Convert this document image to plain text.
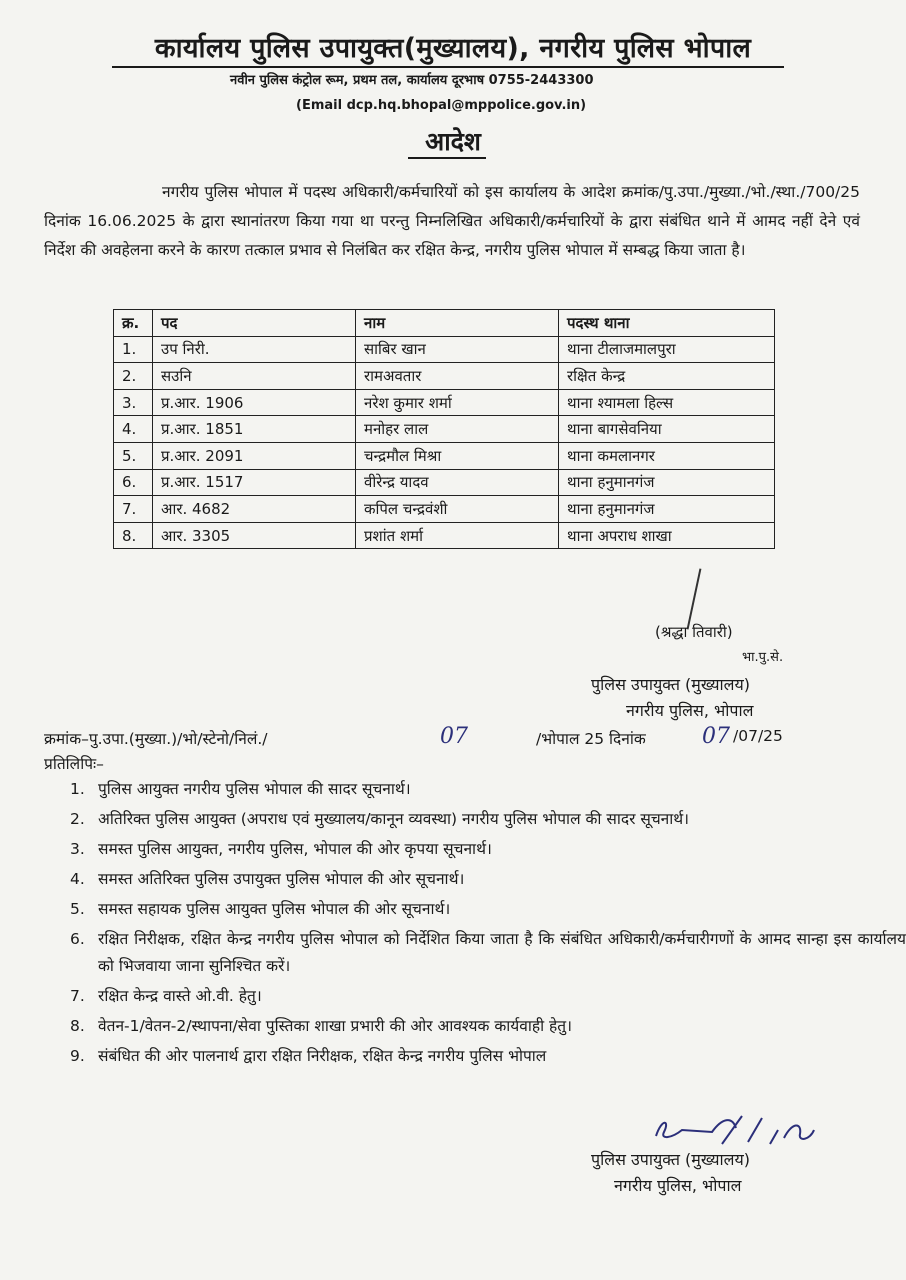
कार्यालय पुलिस उपायुक्त(मुख्यालय), नगरीय पुलिस भोपाल
नवीन पुलिस कंट्रोल रूम, प्रथम तल, कार्यालय दूरभाष 0755-2443300
(Email dcp.hq.bhopal@mppolice.gov.in)
आदेश

नगरीय पुलिस भोपाल में पदस्थ अधिकारी/कर्मचारियों को इस कार्यालय के आदेश क्रमांक/पु.उपा./मुख्या./भो./स्था./700/25 दिनांक 16.06.2025 के द्वारा स्थानांतरण किया गया था परन्तु निम्नलिखित अधिकारी/कर्मचारियों के द्वारा संबंधित थाने में आमद नहीं देने एवं निर्देश की अवहेलना करने के कारण तत्काल प्रभाव से निलंबित कर रक्षित केन्द्र, नगरीय पुलिस भोपाल में सम्बद्ध किया जाता है।

क्र.	पद	नाम	पदस्थ थाना
1.	उप निरी.	साबिर खान	थाना टीलाजमालपुरा
2.	सउनि	रामअवतार	रक्षित केन्द्र
3.	प्र.आर. 1906	नरेश कुमार शर्मा	थाना श्यामला हिल्स
4.	प्र.आर. 1851	मनोहर लाल	थाना बागसेवनिया
5.	प्र.आर. 2091	चन्द्रमौल मिश्रा	थाना कमलानगर
6.	प्र.आर. 1517	वीरेन्द्र यादव	थाना हनुमानगंज
7.	आर. 4682	कपिल चन्द्रवंशी	थाना हनुमानगंज
8.	आर. 3305	प्रशांत शर्मा	थाना अपराध शाखा
(श्रद्धा तिवारी)
भा.पु.से.
पुलिस उपायुक्त (मुख्यालय)
नगरीय पुलिस, भोपाल
क्रमांक–पु.उपा.(मुख्या.)/भो/स्टेनो/निलं./	07	/भोपाल 25 दिनांक	07 /07/25
प्रतिलिपिः–
1. पुलिस आयुक्त नगरीय पुलिस भोपाल की सादर सूचनार्थ।
2. अतिरिक्त पुलिस आयुक्त (अपराध एवं मुख्यालय/कानून व्यवस्था) नगरीय पुलिस भोपाल की सादर सूचनार्थ।
3. समस्त पुलिस आयुक्त, नगरीय पुलिस, भोपाल की ओर कृपया सूचनार्थ।
4. समस्त अतिरिक्त पुलिस उपायुक्त पुलिस भोपाल की ओर सूचनार्थ।
5. समस्त सहायक पुलिस आयुक्त पुलिस भोपाल की ओर सूचनार्थ।
6. रक्षित निरीक्षक, रक्षित केन्द्र नगरीय पुलिस भोपाल को निर्देशित किया जाता है कि संबंधित अधिकारी/कर्मचारीगणों के आमद सान्हा इस कार्यालय को भिजवाया जाना सुनिश्चित करें।
7. रक्षित केन्द्र वास्ते ओ.वी. हेतु।
8. वेतन-1/वेतन-2/स्थापना/सेवा पुस्तिका शाखा प्रभारी की ओर आवश्यक कार्यवाही हेतु।
9. संबंधित की ओर पालनार्थ द्वारा रक्षित निरीक्षक, रक्षित केन्द्र नगरीय पुलिस भोपाल
पुलिस उपायुक्त (मुख्यालय)
नगरीय पुलिस, भोपाल
